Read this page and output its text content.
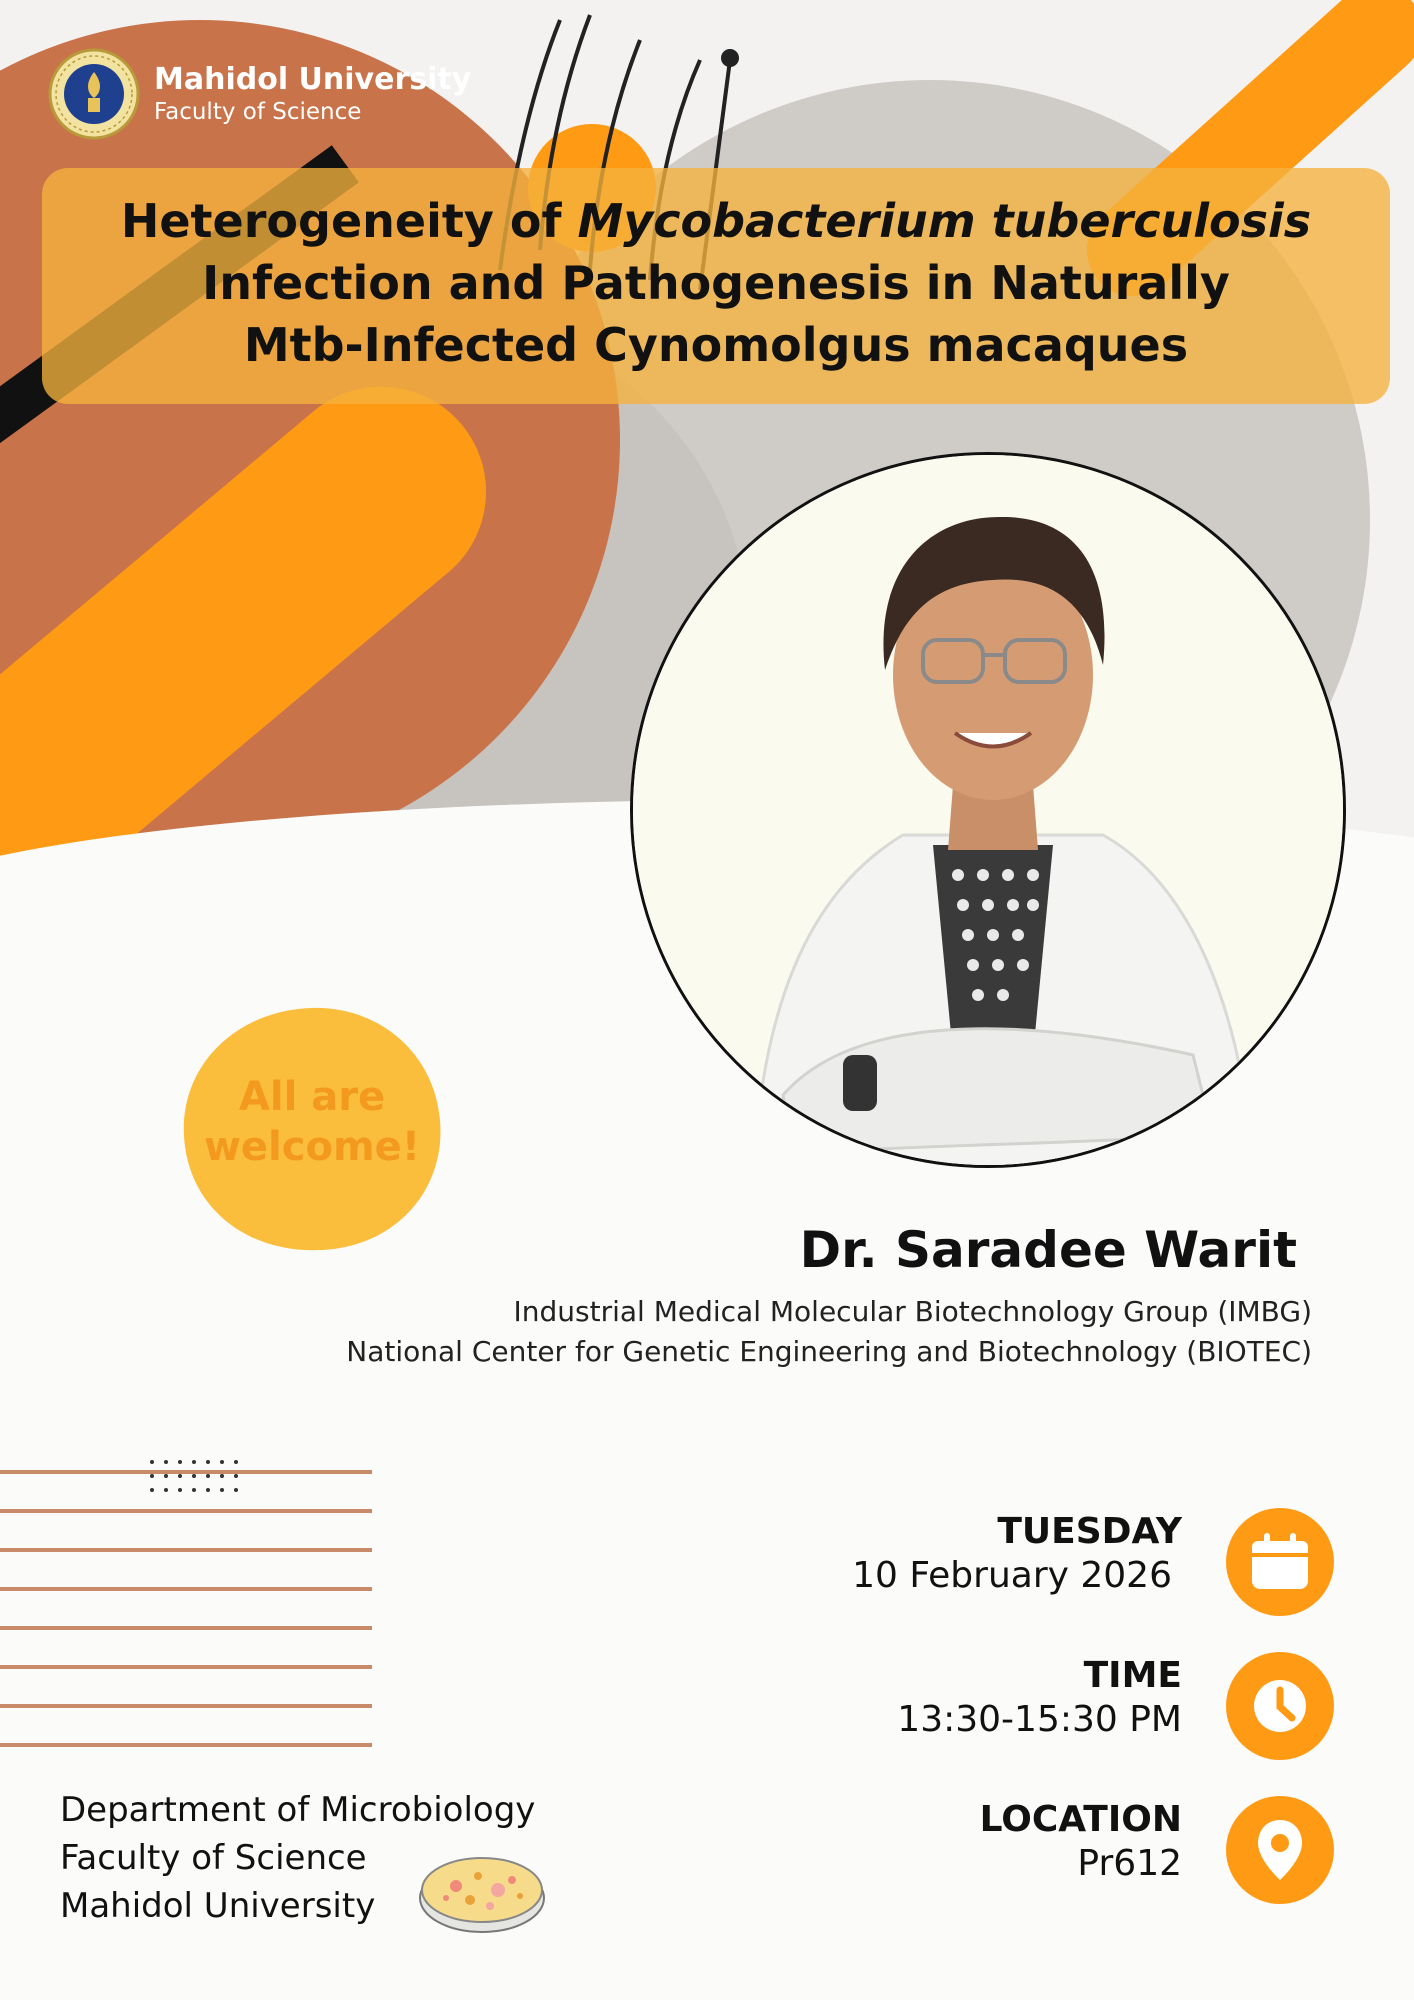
Mahidol University
Faculty of Science
Heterogeneity of Mycobacterium tuberculosis
Infection and Pathogenesis in Naturally
Mtb-Infected Cynomolgus macaques
All are
welcome!
Dr. Saradee Warit
Industrial Medical Molecular Biotechnology Group (IMBG)
National Center for Genetic Engineering and Biotechnology (BIOTEC)
TUESDAY
10 February 2026
TIME
13:30-15:30 PM
LOCATION
Pr612
Department of Microbiology
Faculty of Science
Mahidol University
